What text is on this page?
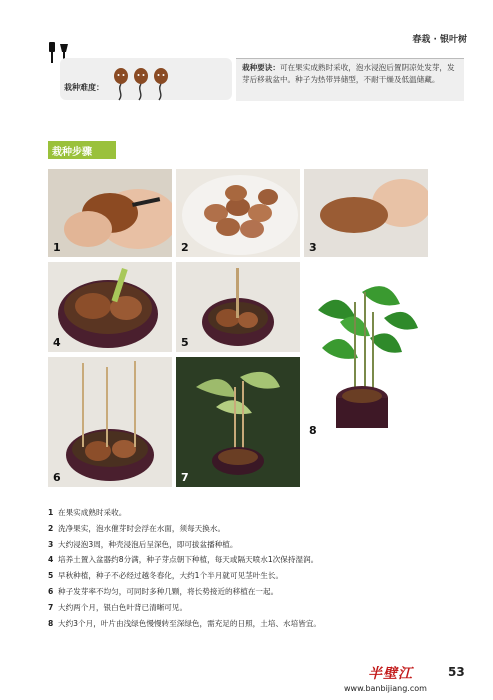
春栽 · 银叶树
栽种难度：
栽种要诀：可在果实成熟时采收，泡水浸泡后置阴凉处发芽，发芽后移栽盆中。种子为热带异储型，不耐干燥及低温储藏。
栽种步骤
1	2	3
4	5
6	7
8
1 在果实成熟时采收。
2 洗净果实，泡水催芽时会浮在水面，须每天换水。
3 大约浸泡3周，种壳浸泡后呈深色，即可拔盆播种植。
4 培养土置入盆器约8分满，种子芽点朝下种植，每天或隔天喷水1次保持湿润。
5 早秋种植，种子不必经过越冬春化，大约1个半月就可见茎叶生长。
6 种子发芽率不均匀，可同时多种几颗，将长势接近的移植在一起。
7 大约两个月，银白色叶背已清晰可见。
8 大约3个月，叶片由浅绿色慢慢转至深绿色，需充足的日照，土培、水培皆宜。
半壁江	53
www.banbijiang.com
